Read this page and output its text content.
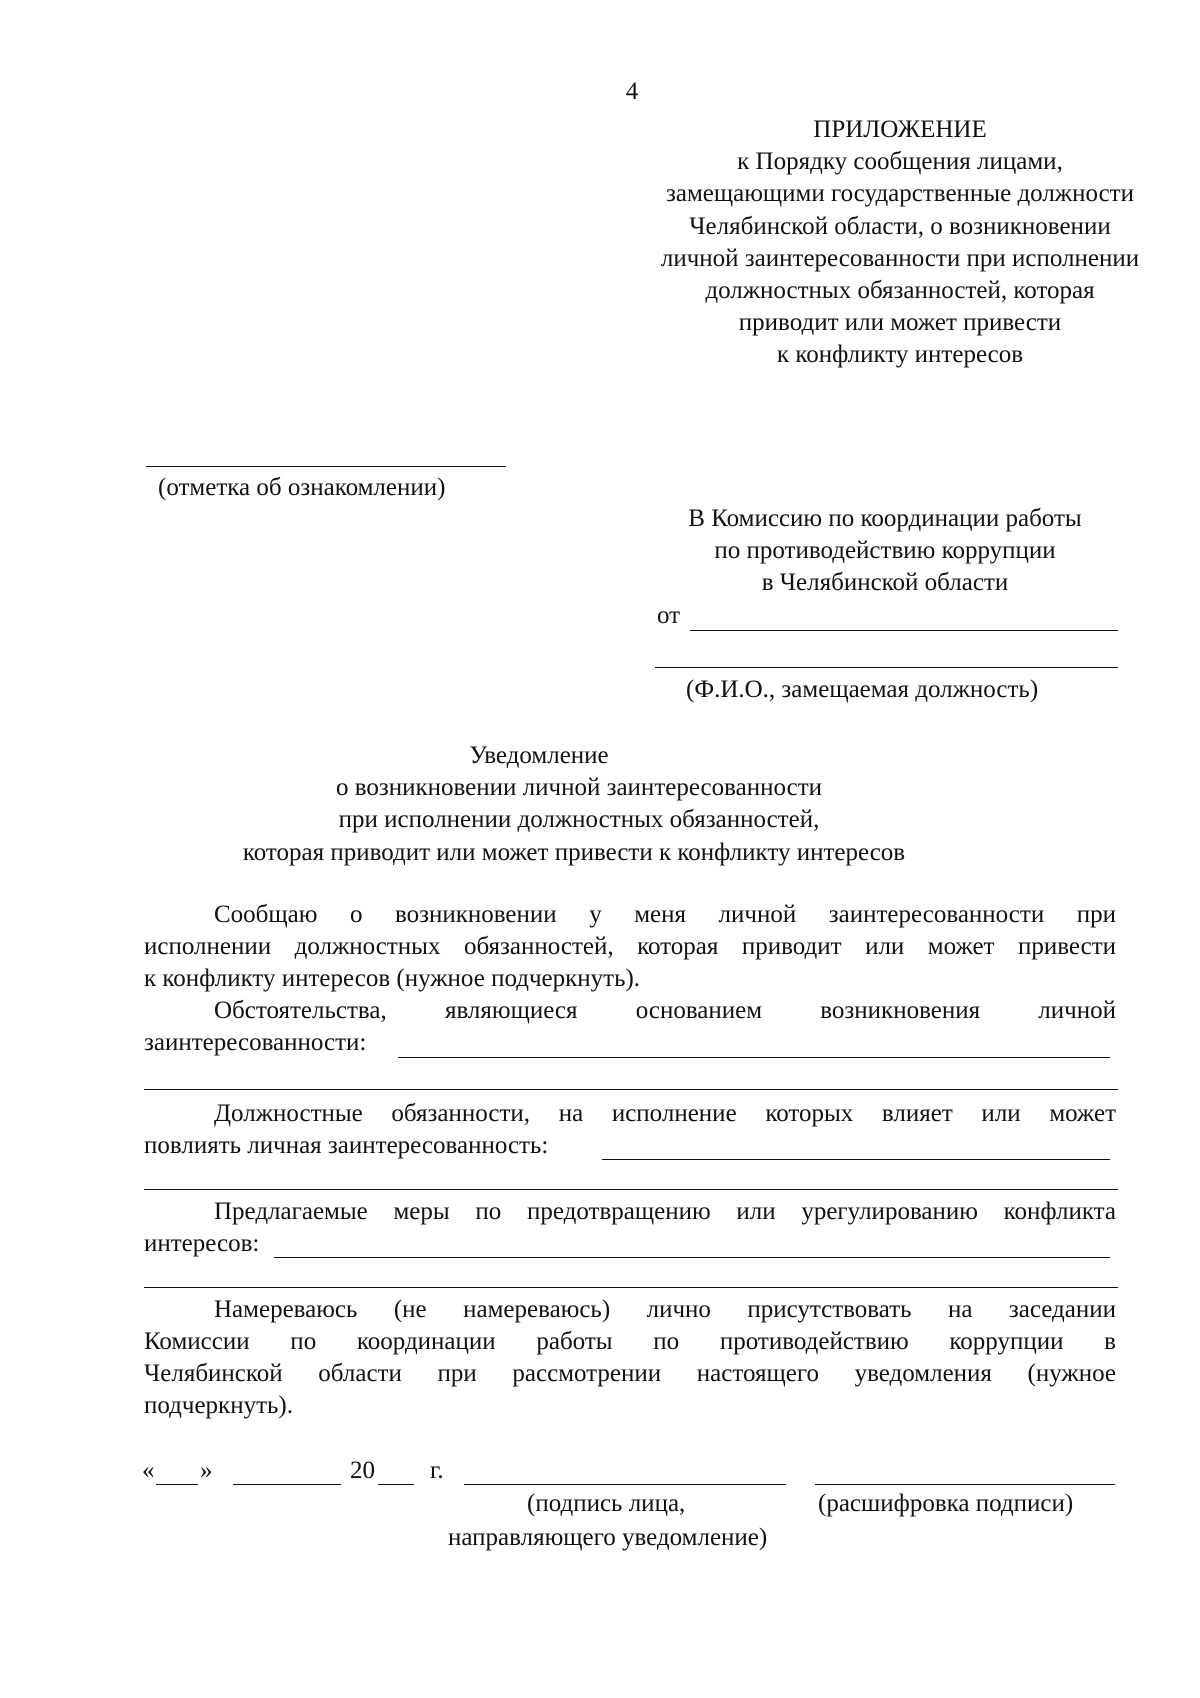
4
ПРИЛОЖЕНИЕ
к Порядку сообщения лицами,
замещающими государственные должности
Челябинской области, о возникновении
личной заинтересованности при исполнении
должностных обязанностей, которая
приводит или может привести
к конфликту интересов
(отметка об ознакомлении)
В Комиссию по координации работы
по противодействию коррупции
в Челябинской области
от
(Ф.И.О., замещаемая должность)
Уведомление
о возникновении личной заинтересованности
при исполнении должностных обязанностей,
которая приводит или может привести к конфликту интересов
Сообщаю о возникновении у меня личной заинтересованности при
исполнении должностных обязанностей, которая приводит или может привести
к конфликту интересов (нужное подчеркнуть).
Обстоятельства, являющиеся основанием возникновения личной
заинтересованности:
Должностные обязанности, на исполнение которых влияет или может
повлиять личная заинтересованность:
Предлагаемые меры по предотвращению или урегулированию конфликта
интересов:
Намереваюсь (не намереваюсь) лично присутствовать на заседании
Комиссии по координации работы по противодействию коррупции в
Челябинской области при рассмотрении настоящего уведомления (нужное
подчеркнуть).
« »	20 г.
(подпись лица,	(расшифровка подписи)
направляющего уведомление)
